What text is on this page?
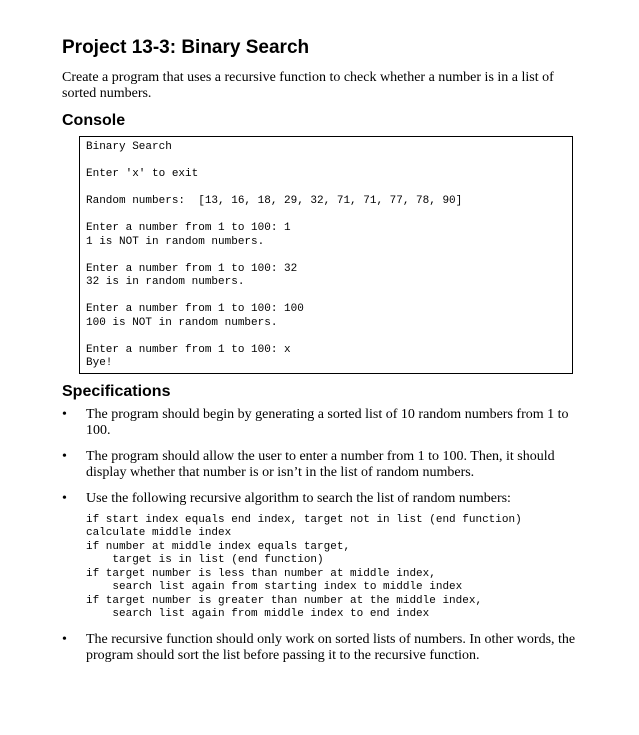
Project 13-3: Binary Search

Create a program that uses a recursive function to check whether a number is in a list of sorted numbers.

Console
Binary Search
Enter 'x' to exit
Random numbers:  [13, 16, 18, 29, 32, 71, 71, 77, 78, 90]
Enter a number from 1 to 100: 1
1 is NOT in random numbers.
Enter a number from 1 to 100: 32
32 is in random numbers.
Enter a number from 1 to 100: 100
100 is NOT in random numbers.
Enter a number from 1 to 100: x
Bye!
Specifications
• The program should begin by generating a sorted list of 10 random numbers from 1 to 100.
• The program should allow the user to enter a number from 1 to 100. Then, it should display whether that number is or isn’t in the list of random numbers.
• Use the following recursive algorithm to search the list of random numbers:
if start index equals end index, target not in list (end function)
calculate middle index
if number at middle index equals target,
target is in list (end function)
if target number is less than number at middle index,
search list again from starting index to middle index
if target number is greater than number at the middle index,
search list again from middle index to end index
• The recursive function should only work on sorted lists of numbers. In other words, the program should sort the list before passing it to the recursive function.
